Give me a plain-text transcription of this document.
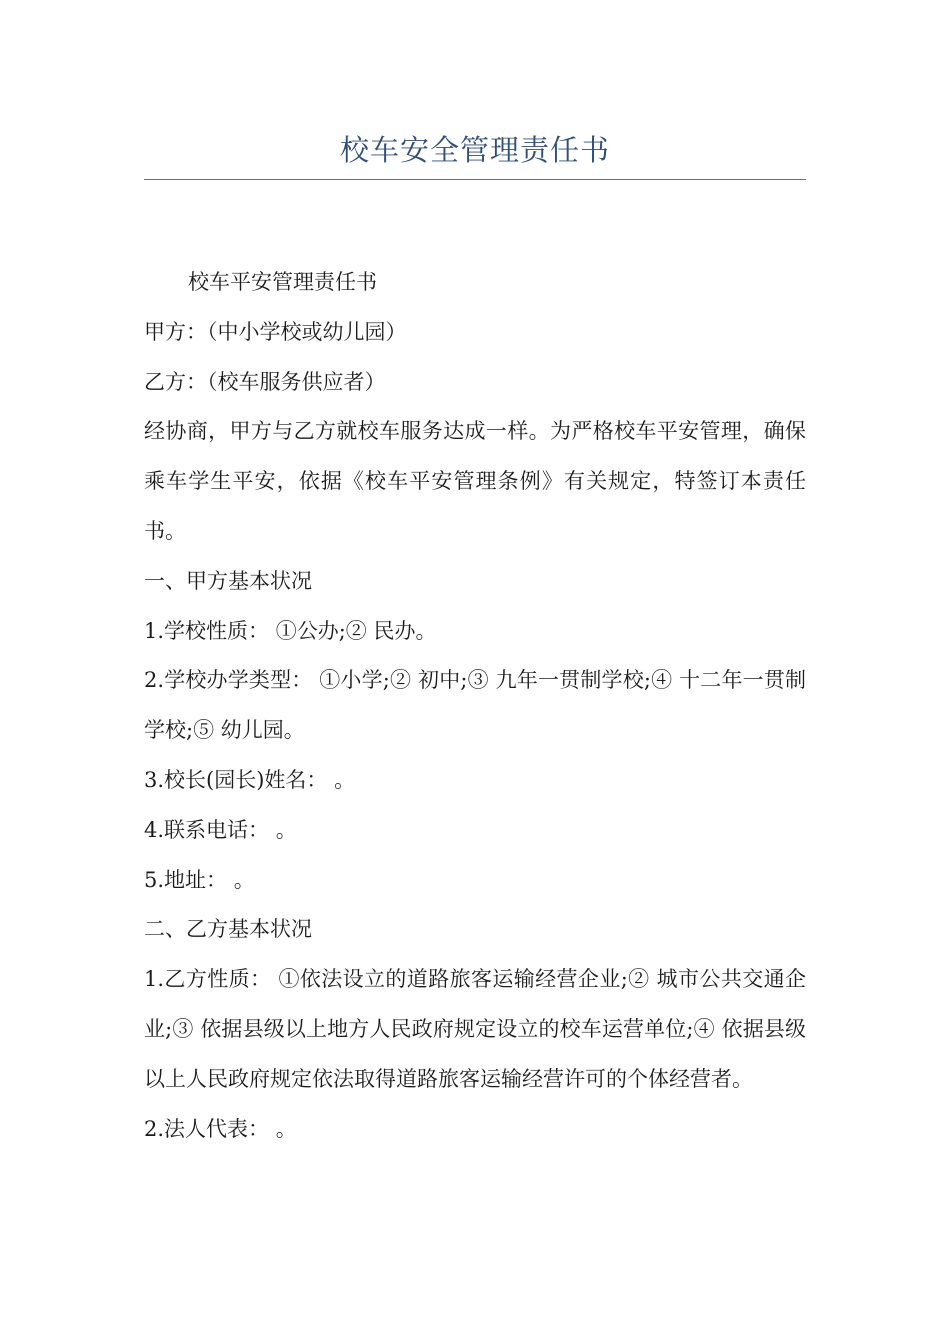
校车安全管理责任书

校车平安管理责任书

甲方：（中小学校或幼儿园）

乙方：（校车服务供应者）

经协商，甲方与乙方就校车服务达成一样。为严格校车平安管理，确保乘车学生平安，依据《校车平安管理条例》有关规定，特签订本责任书。

一、甲方基本状况

1.学校性质： ①公办;② 民办。

2.学校办学类型： ①小学;② 初中;③ 九年一贯制学校;④ 十二年一贯制学校;⑤ 幼儿园。

3.校长(园长)姓名： 。

4.联系电话： 。

5.地址： 。

二、乙方基本状况

1.乙方性质： ①依法设立的道路旅客运输经营企业;② 城市公共交通企业;③ 依据县级以上地方人民政府规定设立的校车运营单位;④ 依据县级以上人民政府规定依法取得道路旅客运输经营许可的个体经营者。

2.法人代表： 。
